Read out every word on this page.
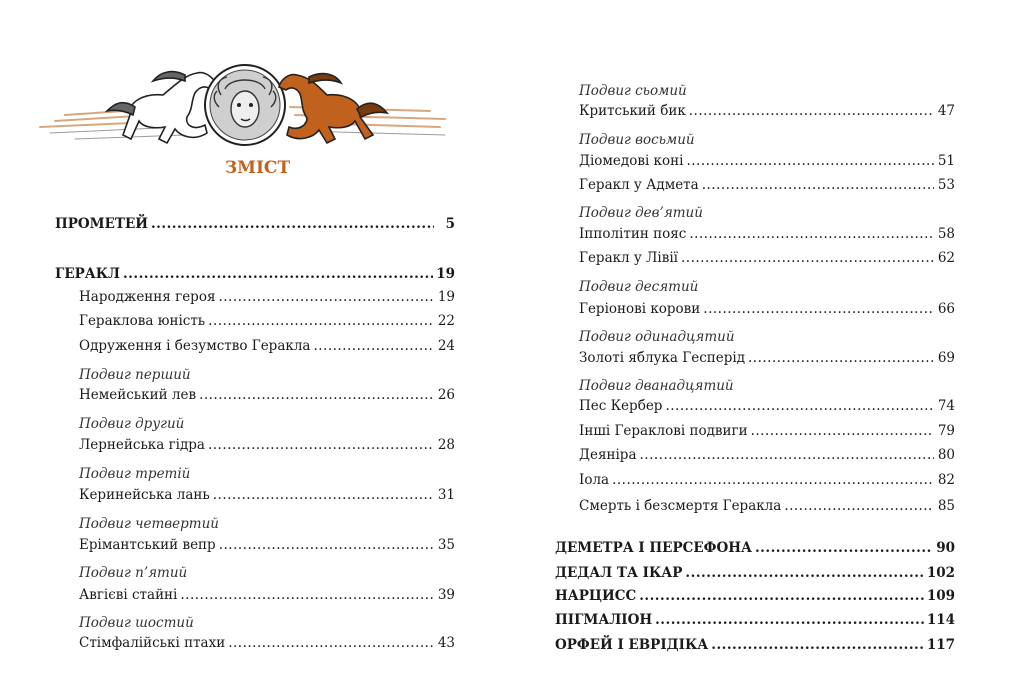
ЗМІСТ
ПРОМЕТЕЙ .....	5
ГЕРАКЛ .....	19
Народження героя .....	19
Гераклова юність .....	22
Одруження і безумство Геракла .....	24
Подвиг перший
Немейський лев .....	26
Подвиг другий
Лернейська гідра .....	28
Подвиг третій
Керинейська лань .....	31
Подвиг четвертий
Ерімантський вепр .....	35
Подвиг п’ятий
Авгієві стайні .....	39
Подвиг шостий
Стімфалійські птахи .....	43
Подвиг сьомий
Критський бик .....	47
Подвиг восьмий
Діомедові коні .....	51
Геракл у Адмета .....	53
Подвиг дев’ятий
Іпполітин пояс .....	58
Геракл у Лівії .....	62
Подвиг десятий
Геріонові корови .....	66
Подвиг одинадцятий
Золоті яблука Гесперід .....	69
Подвиг дванадцятий
Пес Кербер .....	74
Інші Гераклові подвиги .....	79
Деяніра .....	80
Іола .....	82
Смерть і безсмертя Геракла .....	85
ДЕМЕТРА І ПЕРСЕФОНА .....	90
ДЕДАЛ ТА ІКАР .....	102
НАРЦИСС .....	109
ПІГМАЛІОН .....	114
ОРФЕЙ І ЕВРІДІКА .....	117
